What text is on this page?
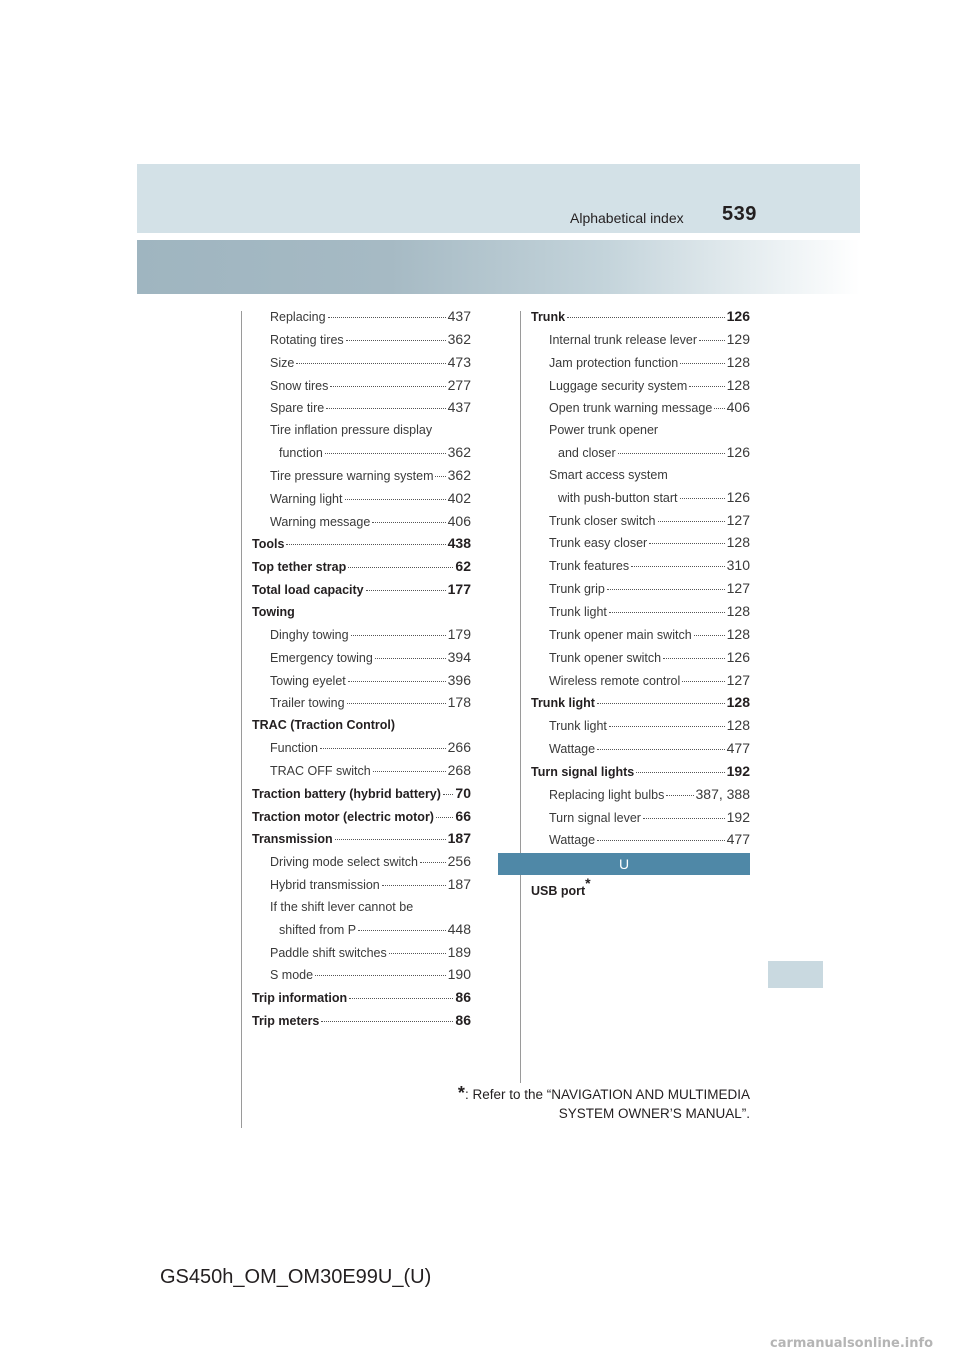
Alphabetical index 539
Replacing	437
Rotating tires	362
Size	473
Snow tires	277
Spare tire	437
Tire inflation pressure display
function	362
Tire pressure warning system 362
Warning light	402
Warning message	406
Tools	438
Top tether strap	62
Total load capacity	177
Towing
Dinghy towing	179
Emergency towing	394
Towing eyelet	396
Trailer towing	178
TRAC (Traction Control)
Function	266
TRAC OFF switch	268
Traction battery (hybrid battery) 70
Traction motor (electric motor) 66
Transmission	187
Driving mode select switch 256
Hybrid transmission	187
If the shift lever cannot be
shifted from P	448
Paddle shift switches	189
S mode	190
Trip information	86
Trip meters	86
Trunk	126
Internal trunk release lever 129
Jam protection function	128
Luggage security system	128
Open trunk warning message 406
Power trunk opener
and closer	126
Smart access system
with push-button start	126
Trunk closer switch	127
Trunk easy closer	128
Trunk features	310
Trunk grip	127
Trunk light	128
Trunk opener main switch 128
Trunk opener switch	126
Wireless remote control	127
Trunk light	128
Trunk light	128
Wattage	477
Turn signal lights	192
Replacing light bulbs 387, 388
Turn signal lever	192
Wattage	477
U
USB port*
*: Refer to the “NAVIGATION AND MULTIMEDIA
SYSTEM OWNER’S MANUAL”.
GS450h_OM_OM30E99U_(U)
carmanualsonline.info
